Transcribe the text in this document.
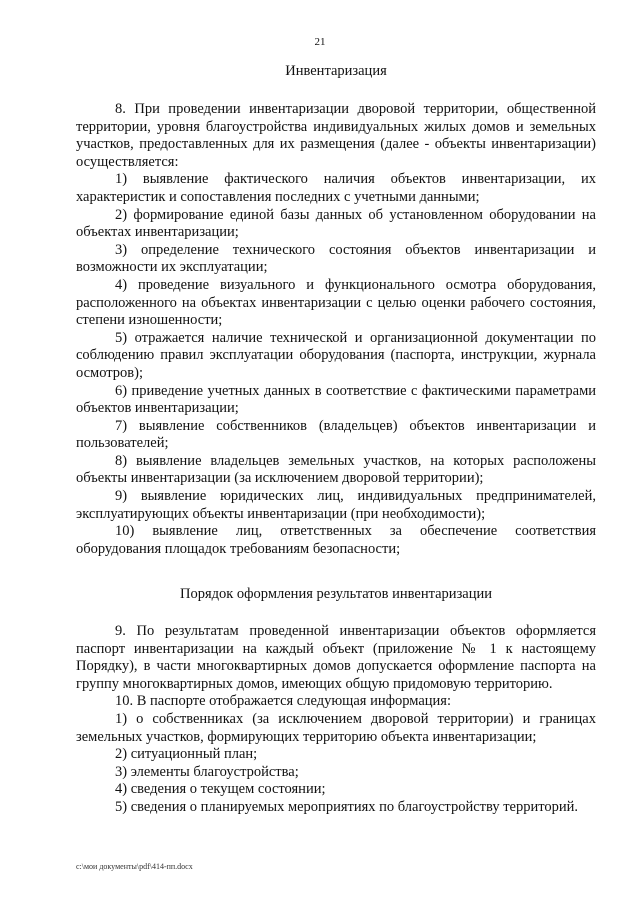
21
Инвентаризация

8. При проведении инвентаризации дворовой территории, общественной территории, уровня благоустройства индивидуальных жилых домов и земельных участков, предоставленных для их размещения (далее - объекты инвентаризации) осуществляется:

1) выявление фактического наличия объектов инвентаризации, их характеристик и сопоставления последних с учетными данными;

2) формирование единой базы данных об установленном оборудовании на объектах инвентаризации;

3) определение технического состояния объектов инвентаризации и возможности их эксплуатации;

4) проведение визуального и функционального осмотра оборудования, расположенного на объектах инвентаризации с целью оценки рабочего состояния, степени изношенности;

5) отражается наличие технической и организационной документации по соблюдению правил эксплуатации оборудования (паспорта, инструкции, журнала осмотров);

6) приведение учетных данных в соответствие с фактическими параметрами объектов инвентаризации;

7) выявление собственников (владельцев) объектов инвентаризации и пользователей;

8) выявление владельцев земельных участков, на которых расположены объекты инвентаризации (за исключением дворовой территории);

9) выявление юридических лиц, индивидуальных предпринимателей, эксплуатирующих объекты инвентаризации (при необходимости);

10) выявление лиц, ответственных за обеспечение соответствия оборудования площадок требованиям безопасности;

Порядок оформления результатов инвентаризации

9. По результатам проведенной инвентаризации объектов оформляется паспорт инвентаризации на каждый объект (приложение № 1 к настоящему Порядку), в части многоквартирных домов допускается оформление паспорта на группу многоквартирных домов, имеющих общую придомовую территорию.

10. В паспорте отображается следующая информация:

1) о собственниках (за исключением дворовой территории) и границах земельных участков, формирующих территорию объекта инвентаризации;

2) ситуационный план;

3) элементы благоустройства;

4) сведения о текущем состоянии;

5) сведения о планируемых мероприятиях по благоустройству территорий.

c:\мои документы\pdf\414-пп.docx
